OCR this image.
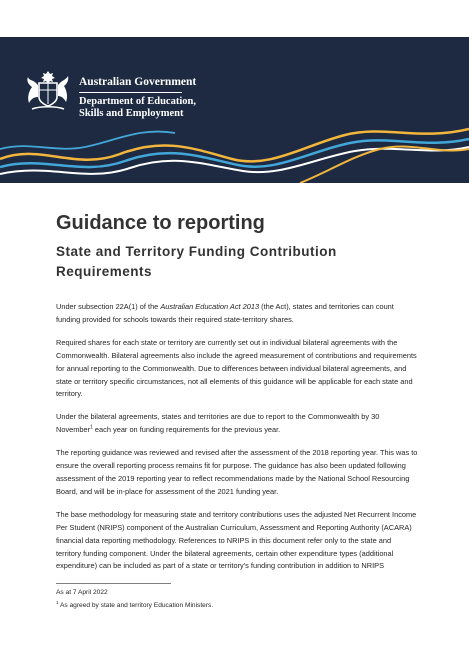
Australian Government
Department of Education,
Skills and Employment
Guidance to reporting
State and Territory Funding Contribution Requirements

Under subsection 22A(1) of the Australian Education Act 2013 (the Act), states and territories can count funding provided for schools towards their required state-territory shares.

Required shares for each state or territory are currently set out in individual bilateral agreements with the Commonwealth. Bilateral agreements also include the agreed measurement of contributions and requirements for annual reporting to the Commonwealth. Due to differences between individual bilateral agreements, and state or territory specific circumstances, not all elements of this guidance will be applicable for each state and territory.

Under the bilateral agreements, states and territories are due to report to the Commonwealth by 30 November$^1$ each year on funding requirements for the previous year.

The reporting guidance was reviewed and revised after the assessment of the 2018 reporting year. This was to ensure the overall reporting process remains fit for purpose. The guidance has also been updated following assessment of the 2019 reporting year to reflect recommendations made by the National School Resourcing Board, and will be in-place for assessment of the 2021 funding year.

The base methodology for measuring state and territory contributions uses the adjusted Net Recurrent Income Per Student (NRIPS) component of the Australian Curriculum, Assessment and Reporting Authority (ACARA) financial data reporting methodology. References to NRIPS in this document refer only to the state and territory funding component. Under the bilateral agreements, certain other expenditure types (additional expenditure) can be included as part of a state or territory's funding contribution in addition to NRIPS

As at 7 April 2022
$^1$ As agreed by state and territory Education Ministers.
